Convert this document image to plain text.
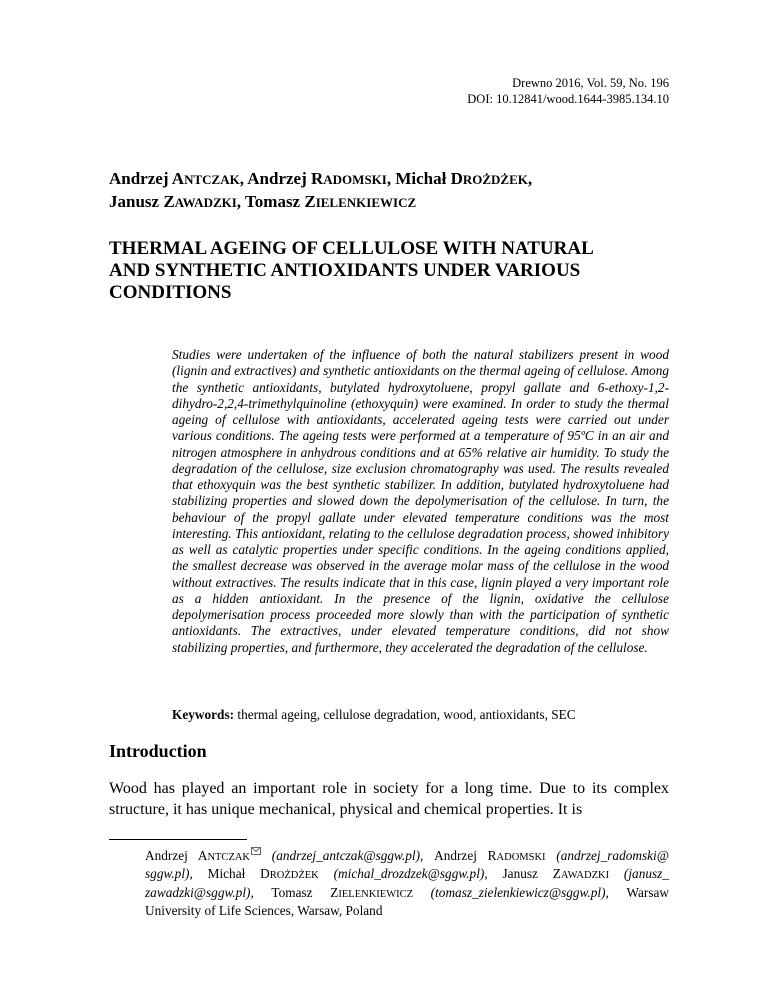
Drewno 2016, Vol. 59, No. 196
DOI: 10.12841/wood.1644-3985.134.10
Andrzej ANTCZAK, Andrzej RADOMSKI, Michał DROŻDŻEK,
Janusz ZAWADZKI, Tomasz ZIELENKIEWICZ
THERMAL AGEING OF CELLULOSE WITH NATURAL
AND SYNTHETIC ANTIOXIDANTS UNDER VARIOUS
CONDITIONS

Studies were undertaken of the influence of both the natural stabilizers present in wood (lignin and extractives) and synthetic antioxidants on the thermal ageing of cellulose. Among the synthetic antioxidants, butylated hydroxytoluene, propyl gallate and 6-ethoxy-1,2-dihydro-2,2,4-trimethylquinoline (ethoxyquin) were examined. In order to study the thermal ageing of cellulose with antioxidants, accelerated ageing tests were carried out under various conditions. The ageing tests were performed at a temperature of 95ºC in an air and nitrogen atmosphere in anhydrous conditions and at 65% relative air humidity. To study the degradation of the cellulose, size exclusion chromatography was used. The results revealed that ethoxyquin was the best synthetic stabilizer. In addition, butylated hydroxytoluene had stabilizing properties and slowed down the depolymerisation of the cellulose. In turn, the behaviour of the propyl gallate under elevated temperature conditions was the most interesting. This antioxidant, relating to the cellulose degradation process, showed inhibitory as well as catalytic properties under specific conditions. In the ageing conditions applied, the smallest decrease was observed in the average molar mass of the cellulose in the wood without extractives. The results indicate that in this case, lignin played a very important role as a hidden antioxidant. In the presence of the lignin, oxidative the cellulose depolymerisation process proceeded more slowly than with the participation of synthetic antioxidants. The extractives, under elevated temperature conditions, did not show stabilizing properties, and furthermore, they accelerated the degradation of the cellulose.

Keywords: thermal ageing, cellulose degradation, wood, antioxidants, SEC

Introduction

Wood has played an important role in society for a long time. Due to its complex structure, it has unique mechanical, physical and chemical properties. It is

Andrzej ANTCZAK (andrzej_antczak@sggw.pl), Andrzej RADOMSKI (andrzej_radomski@ sggw.pl), Michał DROŻDŻEK (michal_drozdzek@sggw.pl), Janusz ZAWADZKI (janusz_ zawadzki@sggw.pl), Tomasz ZIELENKIEWICZ (tomasz_zielenkiewicz@sggw.pl), Warsaw University of Life Sciences, Warsaw, Poland
